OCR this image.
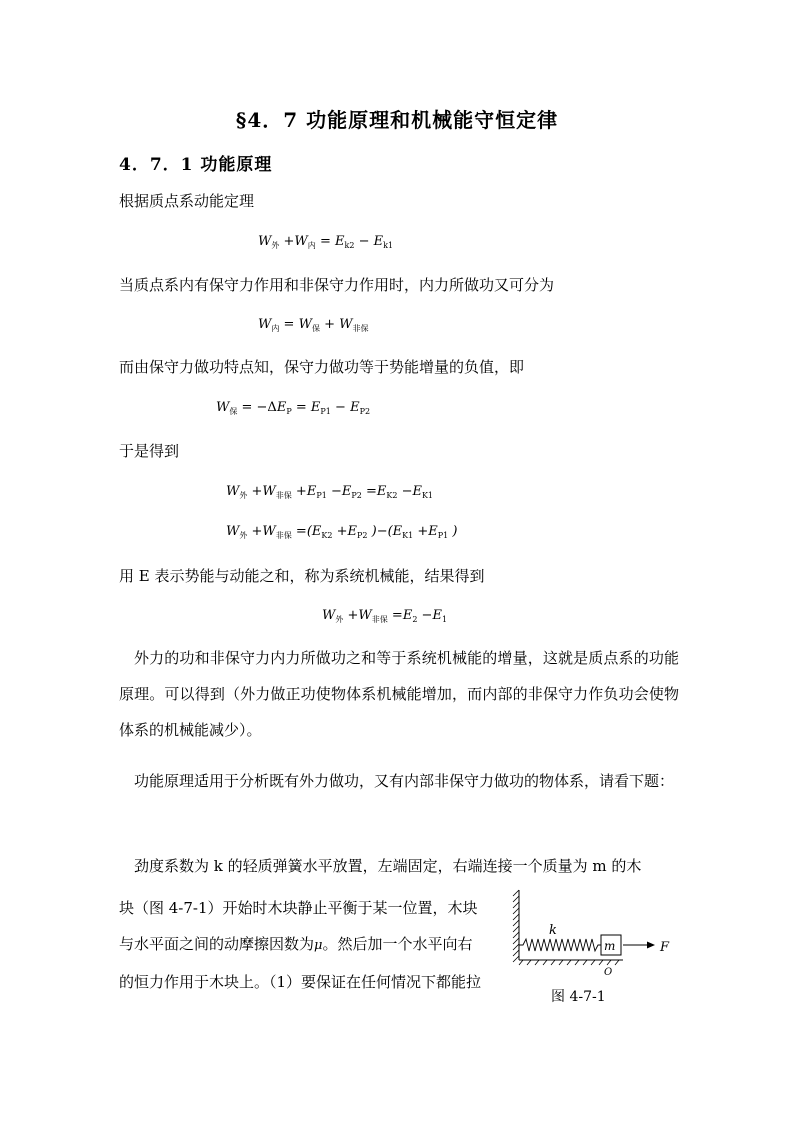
§4．7 功能原理和机械能守恒定律
4．7．1 功能原理
根据质点系动能定理
$W_外 +W_内 = E_{k2} - E_{k1}$
当质点系内有保守力作用和非保守力作用时，内力所做功又可分为
$W_内 = W_保 + W_{非保}$
而由保守力做功特点知，保守力做功等于势能增量的负值，即
$W_保 = -\Delta E_P = E_{P1} - E_{P2}$
于是得到
$W_外 +W_{非保} +E_{P1} -E_{P2} =E_{K2} -E_{K1}$
$W_外 +W_{非保} =(E_{K2} +E_{P2}$ )$-(E_{K1} +E_{P1}$ )
用 E 表示势能与动能之和，称为系统机械能，结果得到
$W_外 +W_{非保} =E_2 -E_1$
外力的功和非保守力内力所做功之和等于系统机械能的增量，这就是质点系的功能原理。可以得到（外力做正功使物体系机械能增加，而内部的非保守力作负功会使物体系的机械能减少）。
功能原理适用于分析既有外力做功，又有内部非保守力做功的物体系，请看下题：
劲度系数为 k 的轻质弹簧水平放置，左端固定，右端连接一个质量为 m 的木
块（图 4-7-1）开始时木块静止平衡于某一位置，木块
与水平面之间的动摩擦因数为μ。然后加一个水平向右
的恒力作用于木块上。（1）要保证在任何情况下都能拉
k
m	F
O
图 4-7-1
